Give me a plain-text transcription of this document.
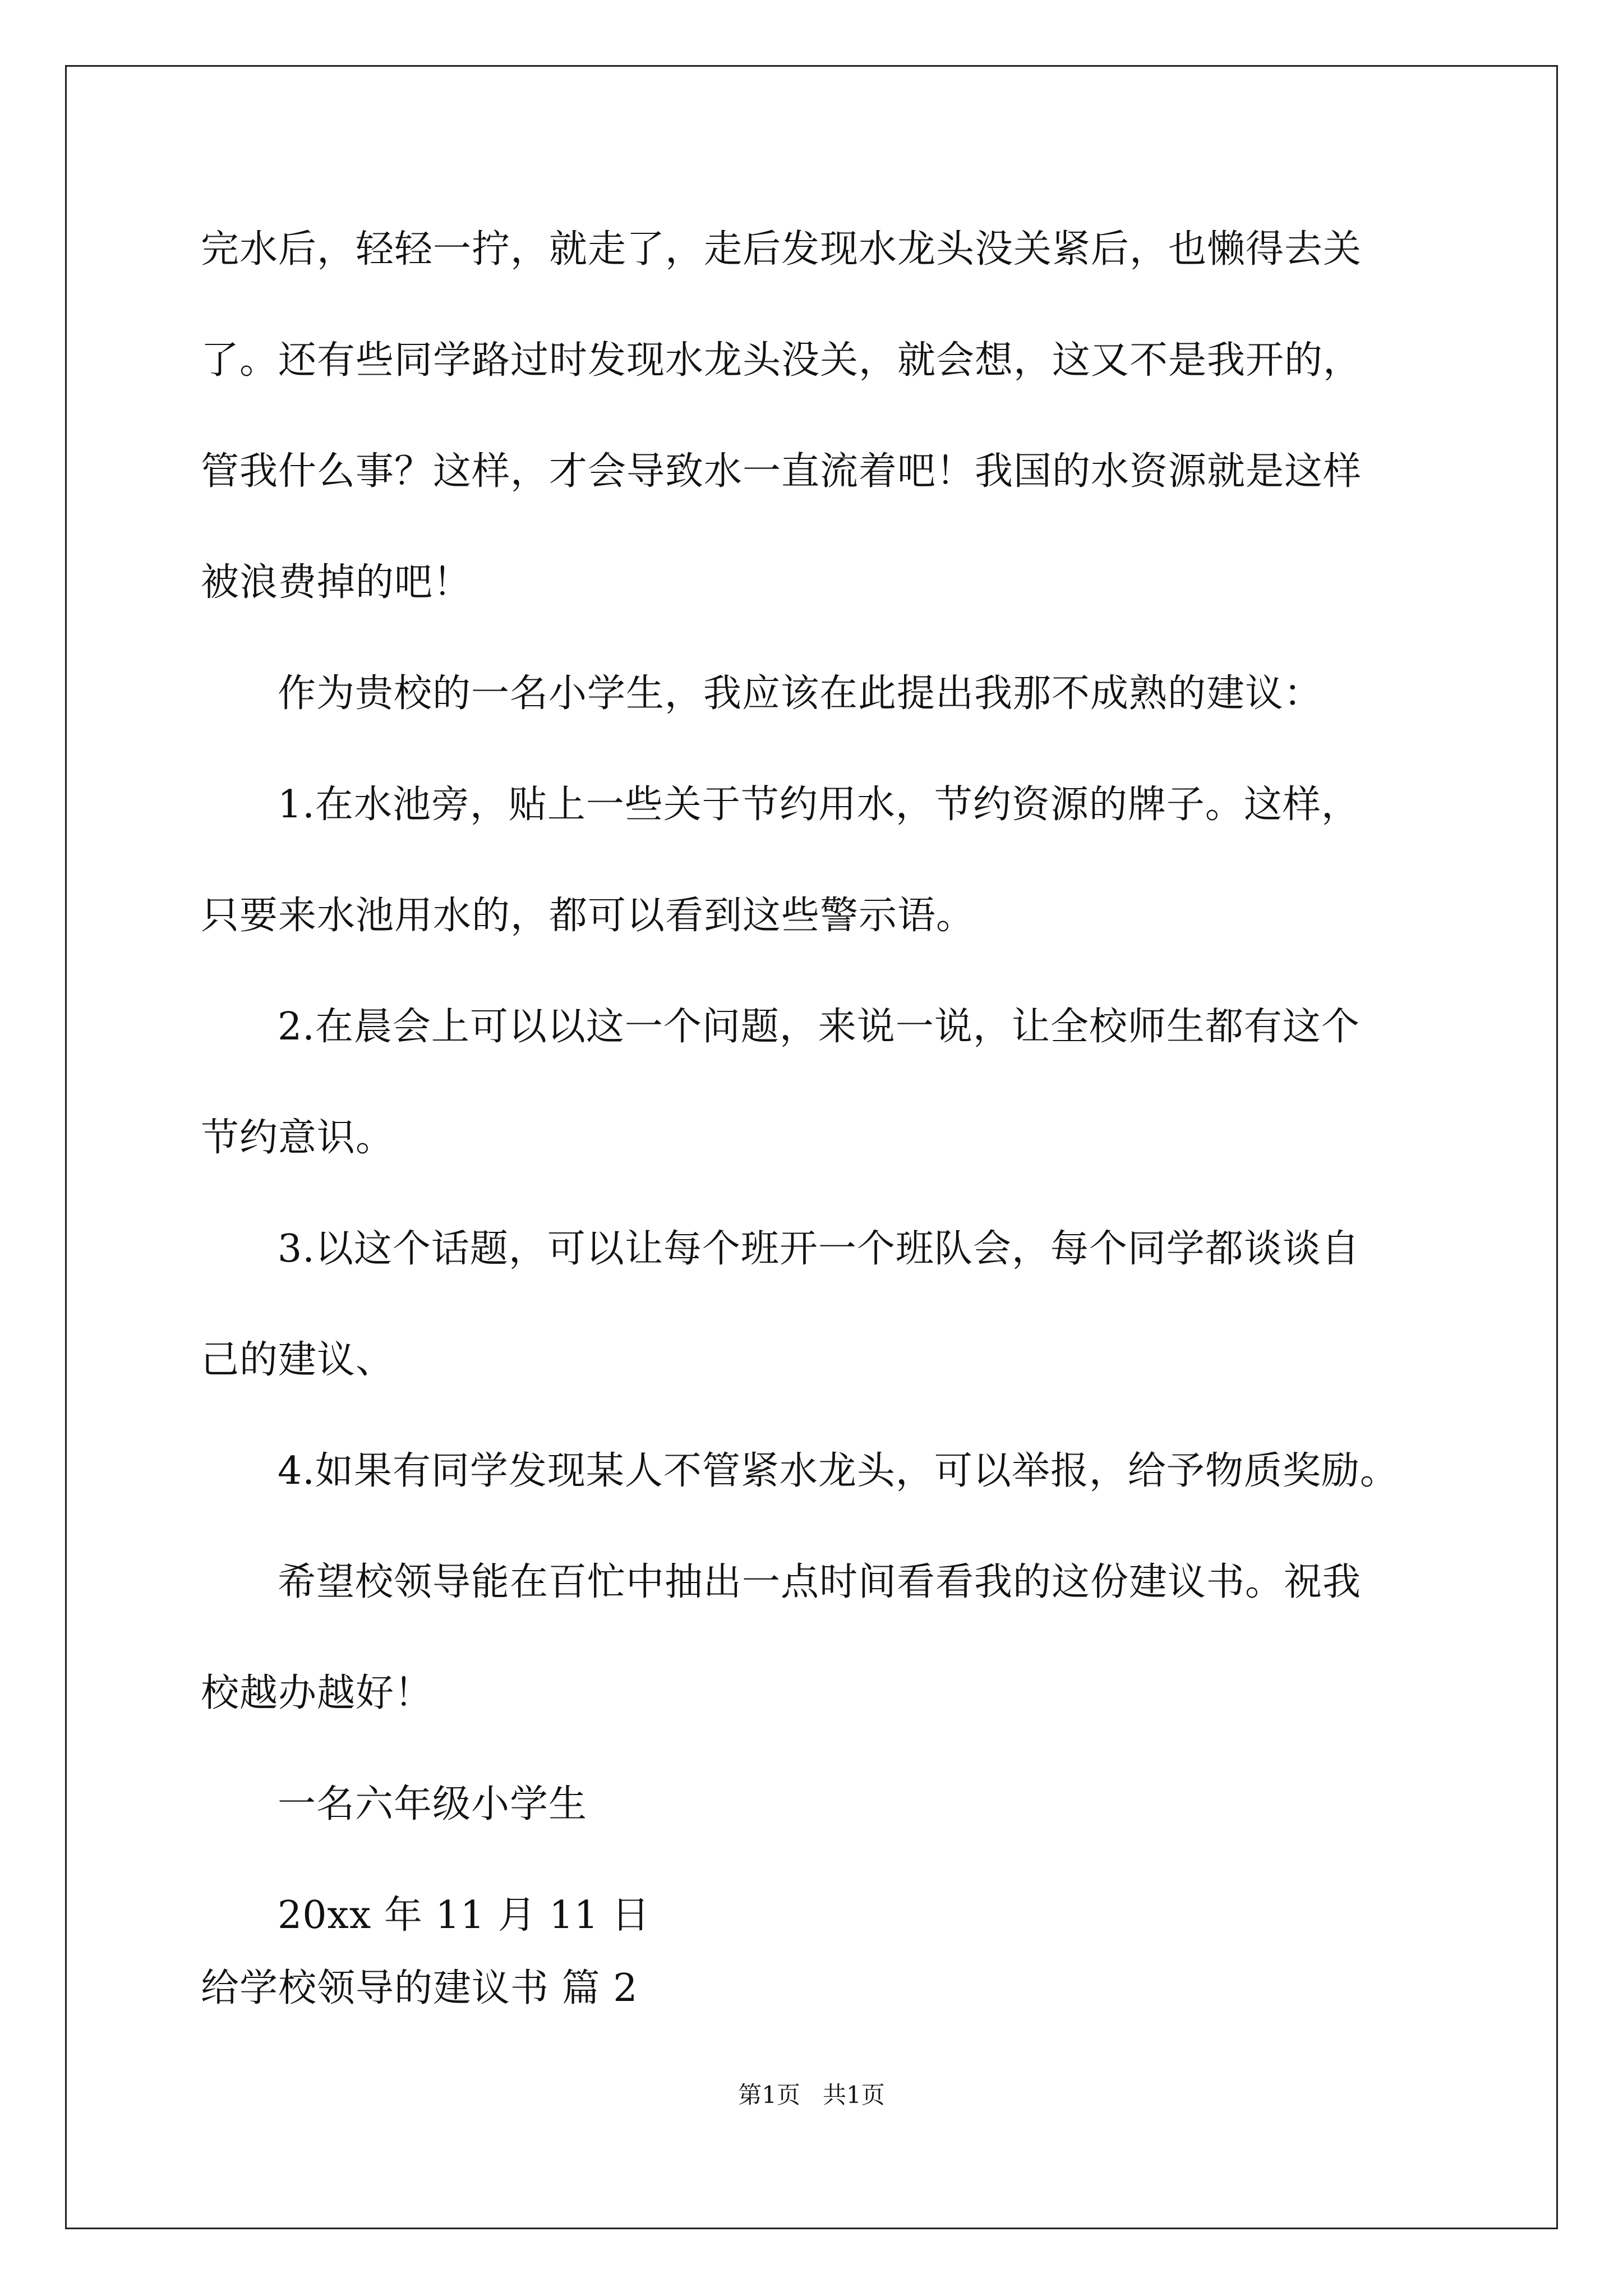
完水后，轻轻一拧，就走了，走后发现水龙头没关紧后，也懒得去关
了。还有些同学路过时发现水龙头没关，就会想，这又不是我开的，
管我什么事？这样，才会导致水一直流着吧！我国的水资源就是这样
被浪费掉的吧！
作为贵校的一名小学生，我应该在此提出我那不成熟的建议：
1.在水池旁，贴上一些关于节约用水，节约资源的牌子。这样，
只要来水池用水的，都可以看到这些警示语。
2.在晨会上可以以这一个问题，来说一说，让全校师生都有这个
节约意识。
3.以这个话题，可以让每个班开一个班队会，每个同学都谈谈自
己的建议、
4.如果有同学发现某人不管紧水龙头，可以举报，给予物质奖励。
希望校领导能在百忙中抽出一点时间看看我的这份建议书。祝我
校越办越好！
一名六年级小学生
20xx 年 11 月 11 日
给学校领导的建议书 篇 2
第1页   共1页
